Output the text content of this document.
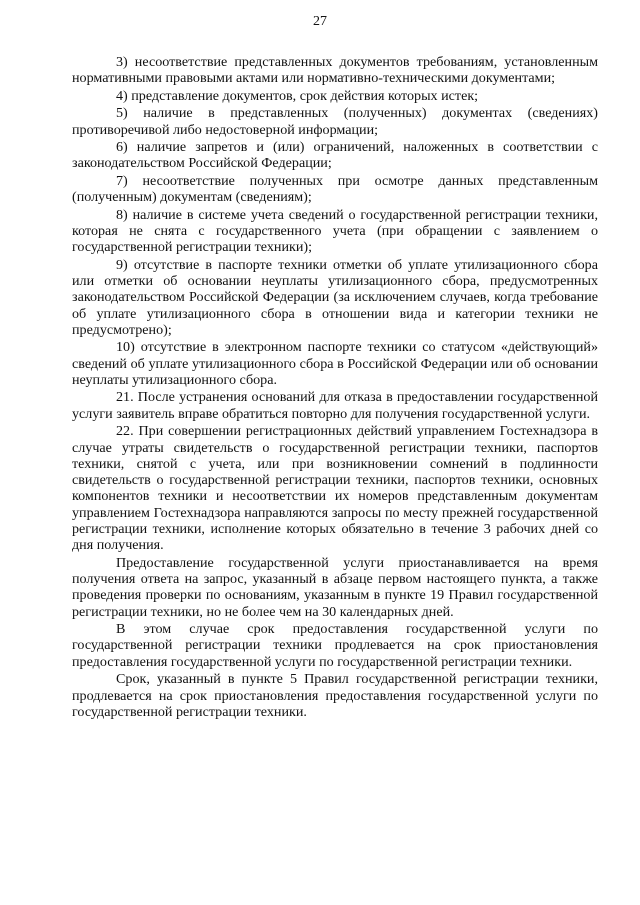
27

3) несоответствие представленных документов требованиям, установленным нормативными правовыми актами или нормативно-техническими документами;

4) представление документов, срок действия которых истек;

5) наличие в представленных (полученных) документах (сведениях) противоречивой либо недостоверной информации;

6) наличие запретов и (или) ограничений, наложенных в соответствии с законодательством Российской Федерации;

7) несоответствие полученных при осмотре данных представленным (полученным) документам (сведениям);

8) наличие в системе учета сведений о государственной регистрации техники, которая не снята с государственного учета (при обращении с заявлением о государственной регистрации техники);

9) отсутствие в паспорте техники отметки об уплате утилизационного сбора или отметки об основании неуплаты утилизационного сбора, предусмотренных законодательством Российской Федерации (за исключением случаев, когда требование об уплате утилизационного сбора в отношении вида и категории техники не предусмотрено);

10) отсутствие в электронном паспорте техники со статусом «действующий» сведений об уплате утилизационного сбора в Российской Федерации или об основании неуплаты утилизационного сбора.

21. После устранения оснований для отказа в предоставлении государственной услуги заявитель вправе обратиться повторно для получения государственной услуги.

22. При совершении регистрационных действий управлением Гостехнадзора в случае утраты свидетельств о государственной регистрации техники, паспортов техники, снятой с учета, или при возникновении сомнений в подлинности свидетельств о государственной регистрации техники, паспортов техники, основных компонентов техники и несоответствии их номеров представленным документам управлением Гостехнадзора направляются запросы по месту прежней государственной регистрации техники, исполнение которых обязательно в течение 3 рабочих дней со дня получения.

Предоставление государственной услуги приостанавливается на время получения ответа на запрос, указанный в абзаце первом настоящего пункта, а также проведения проверки по основаниям, указанным в пункте 19 Правил государственной регистрации техники, но не более чем на 30 календарных дней.

В этом случае срок предоставления государственной услуги по государственной регистрации техники продлевается на срок приостановления предоставления государственной услуги по государственной регистрации техники.

Срок, указанный в пункте 5 Правил государственной регистрации техники, продлевается на срок приостановления предоставления государственной услуги по государственной регистрации техники.
